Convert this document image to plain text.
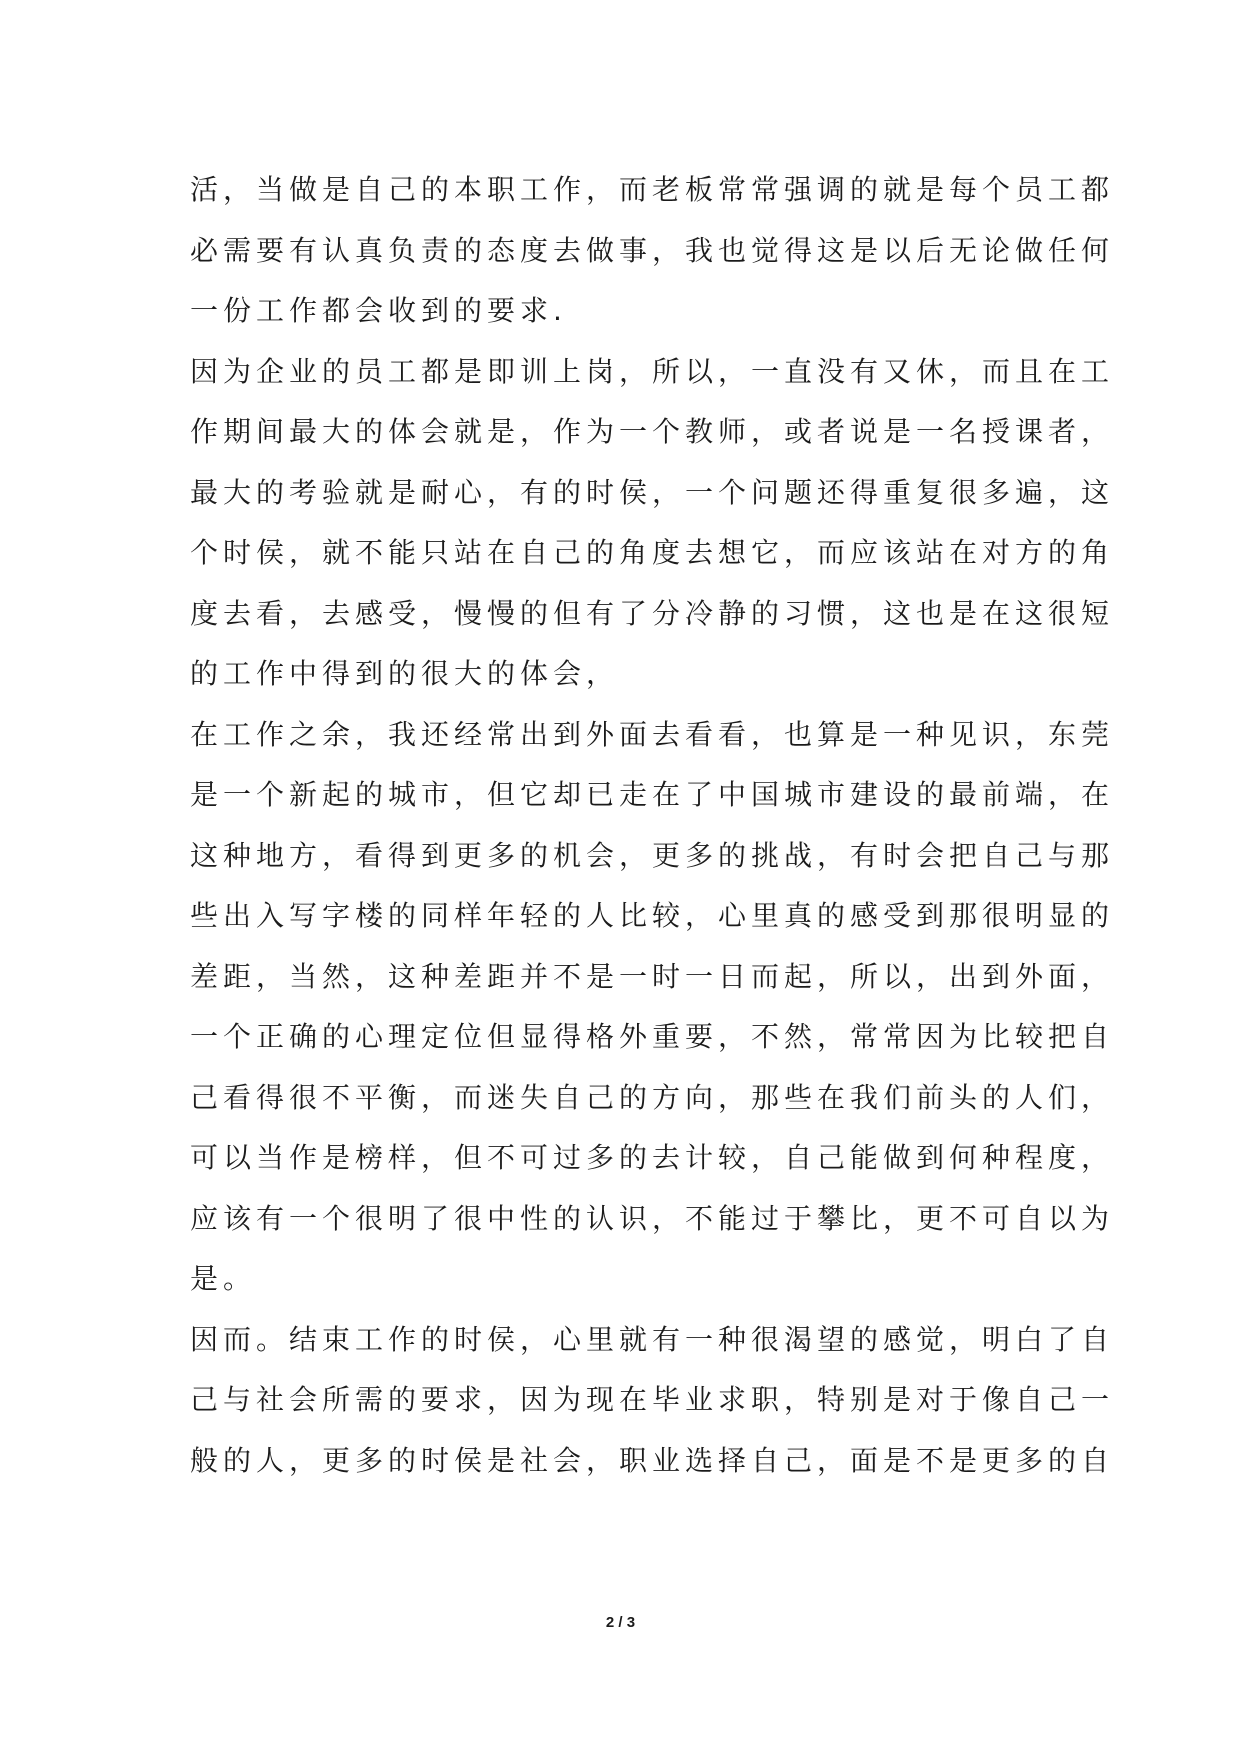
活，当做是自己的本职工作，而老板常常强调的就是每个员工都
必需要有认真负责的态度去做事，我也觉得这是以后无论做任何
一份工作都会收到的要求.
因为企业的员工都是即训上岗，所以，一直没有又休，而且在工
作期间最大的体会就是，作为一个教师，或者说是一名授课者，
最大的考验就是耐心，有的时侯，一个问题还得重复很多遍，这
个时侯，就不能只站在自己的角度去想它，而应该站在对方的角
度去看，去感受，慢慢的但有了分冷静的习惯，这也是在这很短
的工作中得到的很大的体会，
在工作之余，我还经常出到外面去看看，也算是一种见识，东莞
是一个新起的城市，但它却已走在了中国城市建设的最前端，在
这种地方，看得到更多的机会，更多的挑战，有时会把自己与那
些出入写字楼的同样年轻的人比较，心里真的感受到那很明显的
差距，当然，这种差距并不是一时一日而起，所以，出到外面，
一个正确的心理定位但显得格外重要，不然，常常因为比较把自
己看得很不平衡，而迷失自己的方向，那些在我们前头的人们，
可以当作是榜样，但不可过多的去计较，自己能做到何种程度，
应该有一个很明了很中性的认识，不能过于攀比，更不可自以为
是。
因而。结束工作的时侯，心里就有一种很渴望的感觉，明白了自
己与社会所需的要求，因为现在毕业求职，特别是对于像自己一
般的人，更多的时侯是社会，职业选择自己，面是不是更多的自
2 / 3
